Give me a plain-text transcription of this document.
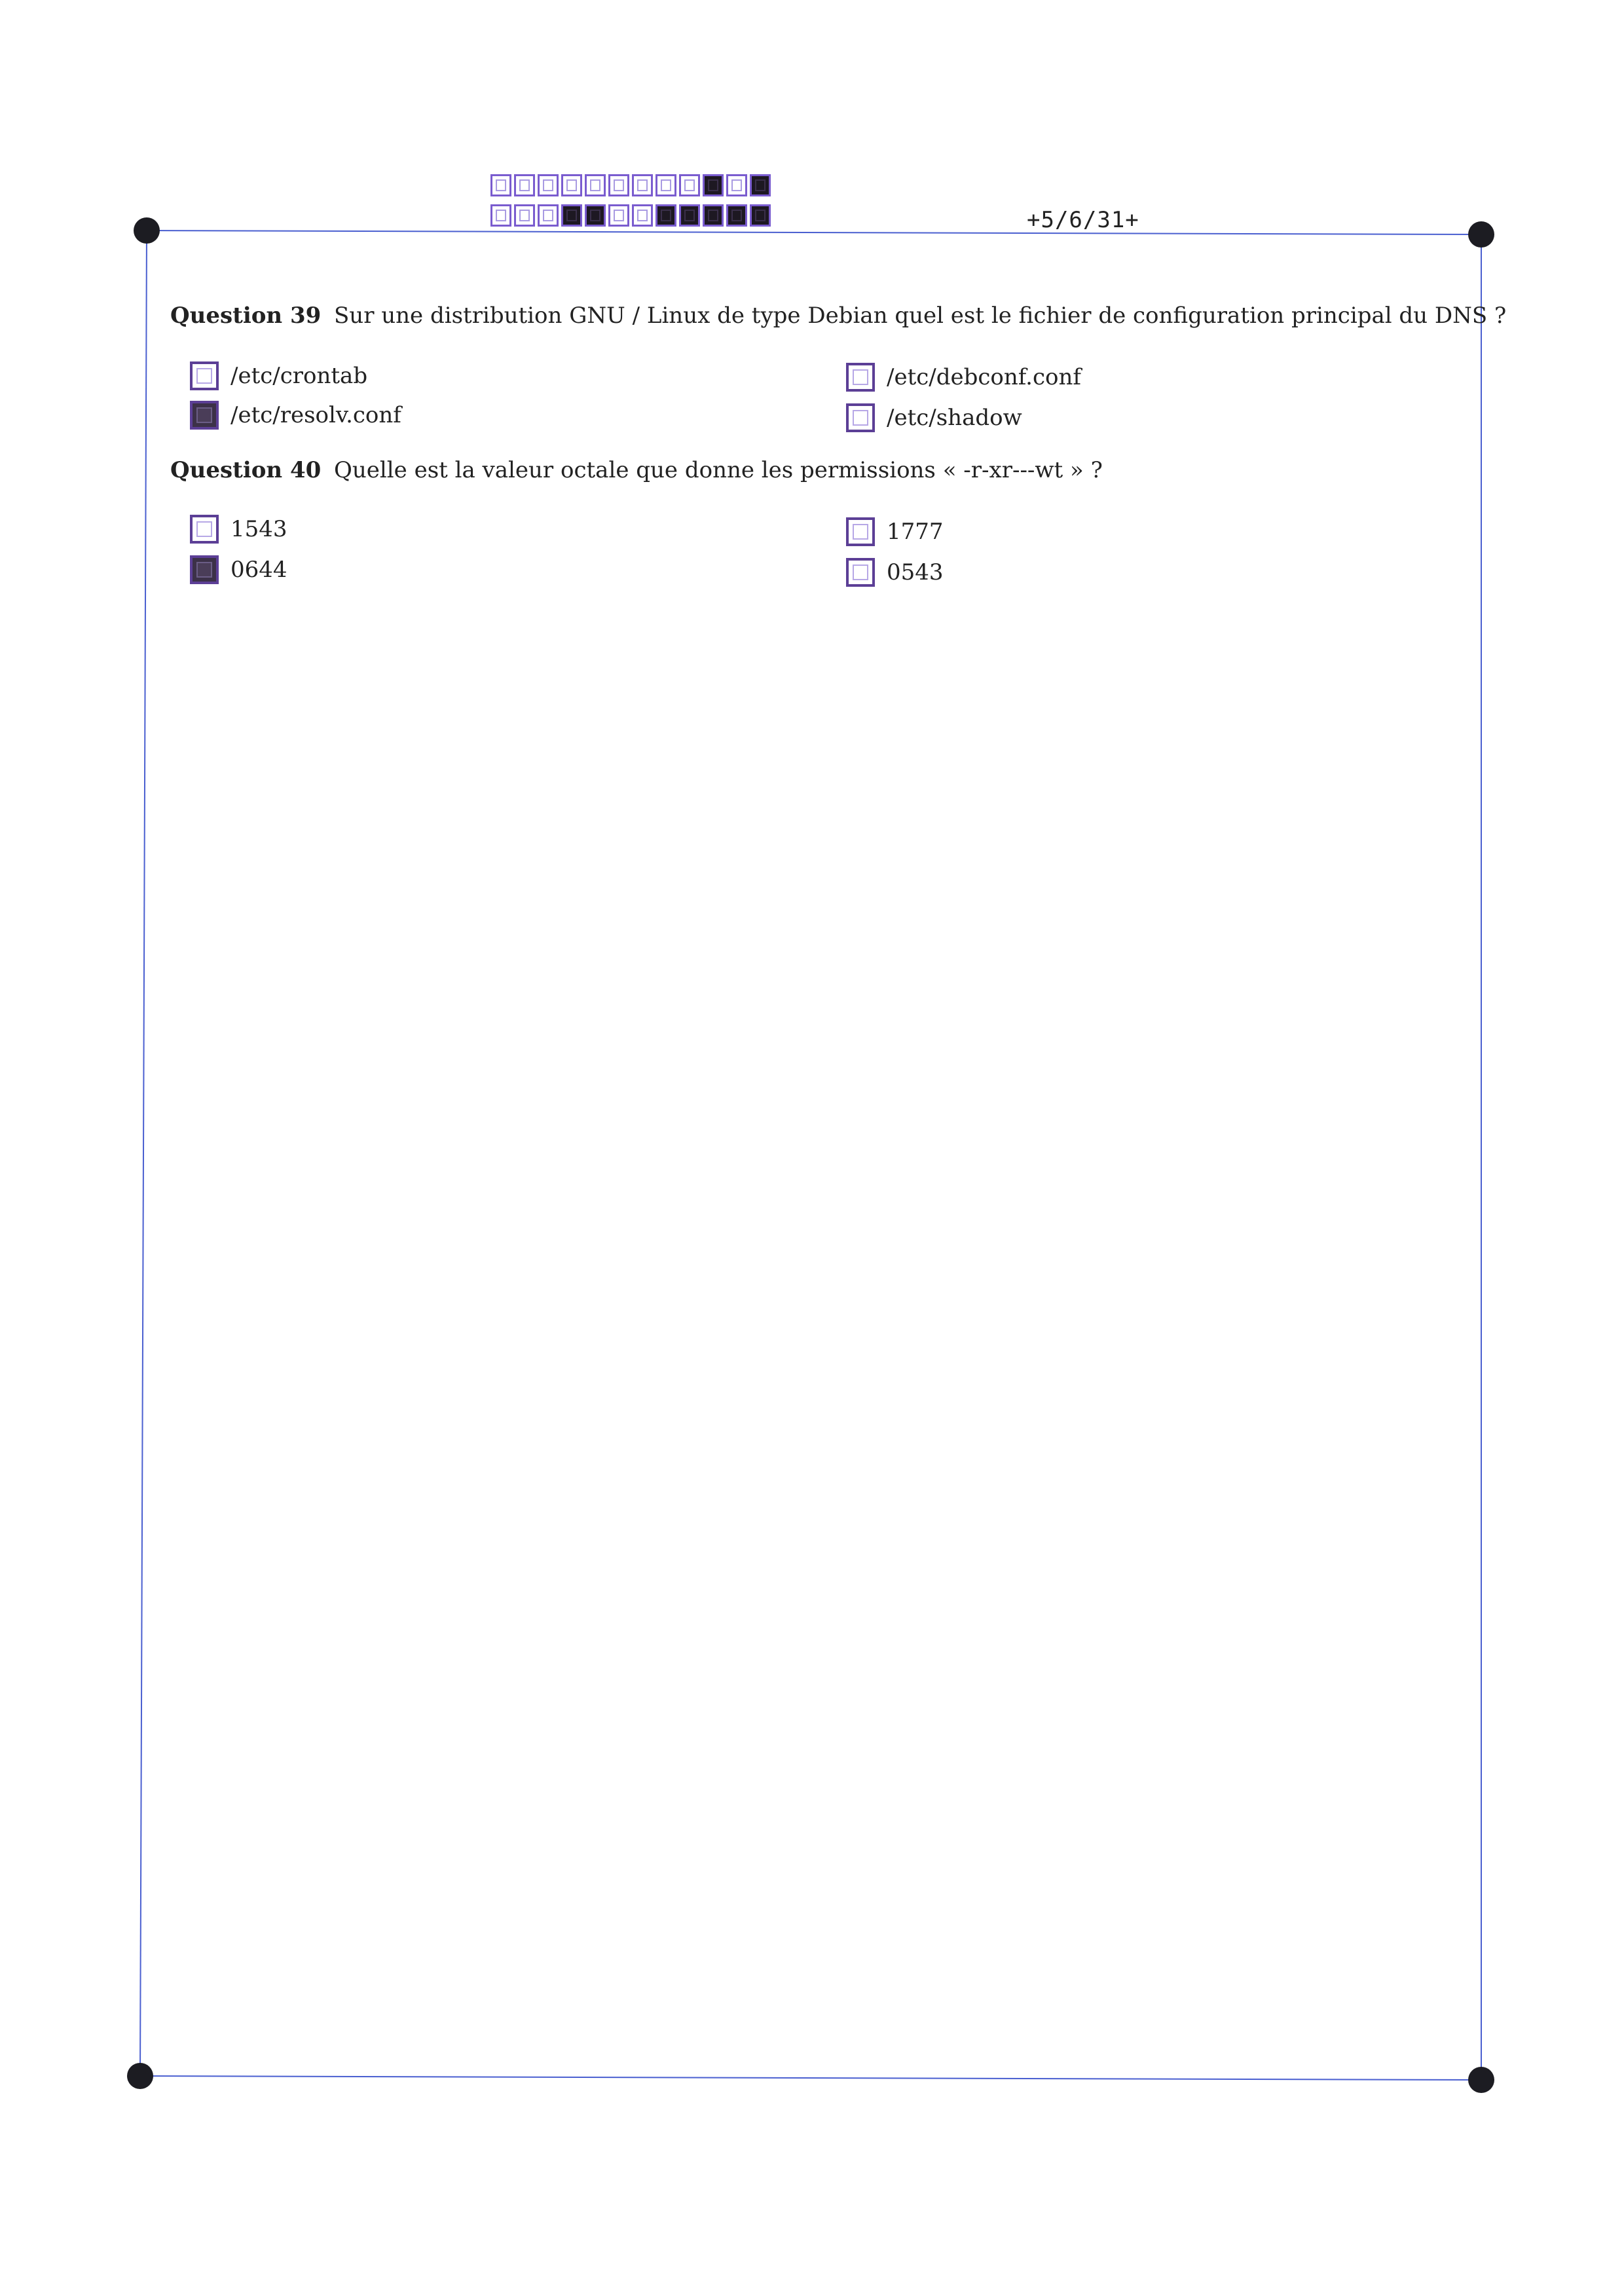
+5/6/31+
Question 39 Sur une distribution GNU / Linux de type Debian quel est le fichier de configuration principal du DNS ?
/etc/crontab
/etc/resolv.conf
/etc/debconf.conf
/etc/shadow
Question 40 Quelle est la valeur octale que donne les permissions « -r-xr---wt » ?
1543
0644
1777
0543
